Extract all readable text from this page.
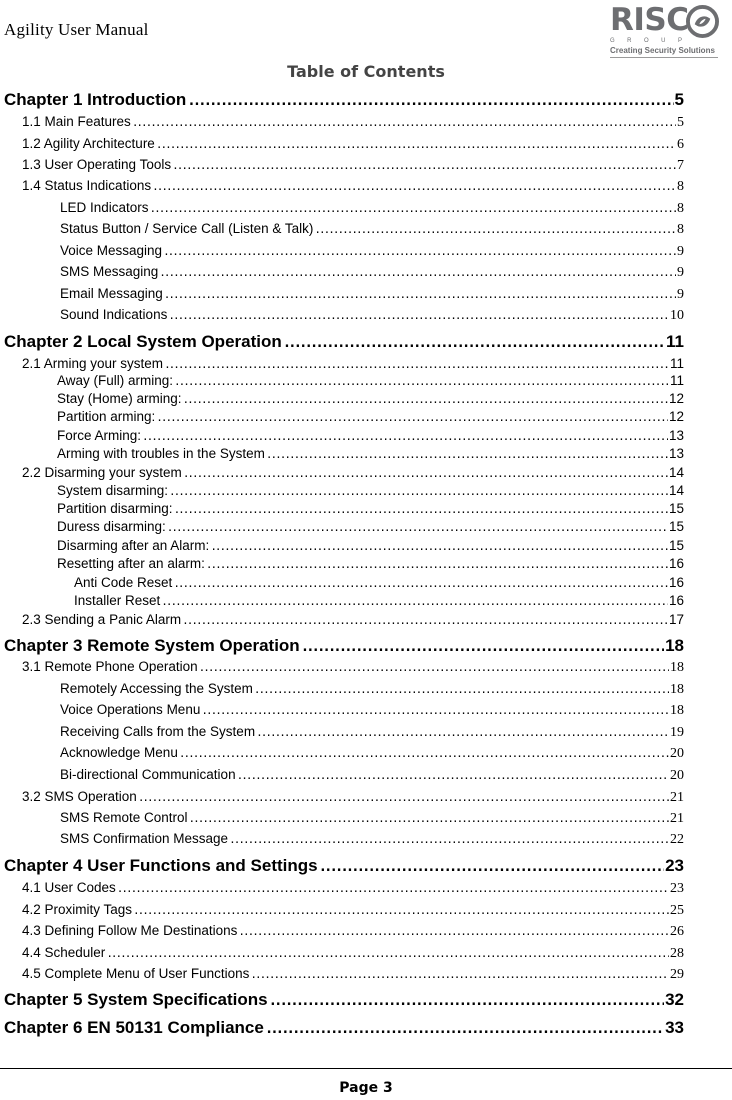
Agility User Manual	RISC
GROUP
Creating Security Solutions
Table of Contents
Chapter 1 Introduction .....	5
1.1 Main Features .....	5
1.2 Agility Architecture .....	6
1.3 User Operating Tools .....	7
1.4 Status Indications .....	8
LED Indicators .....	8
Status Button / Service Call (Listen & Talk) .....	8
Voice Messaging .....	9
SMS Messaging .....	9
Email Messaging .....	9
Sound Indications .....	10
Chapter 2 Local System Operation .....	11
2.1 Arming your system .....	11
Away (Full) arming: .....	11
Stay (Home) arming: .....	12
Partition arming: .....	12
Force Arming: .....	13
Arming with troubles in the System .....	13
2.2 Disarming your system .....	14
System disarming: .....	14
Partition disarming: .....	15
Duress disarming: .....	15
Disarming after an Alarm: .....	15
Resetting after an alarm: .....	16
Anti Code Reset .....	16
Installer Reset .....	16
2.3 Sending a Panic Alarm .....	17
Chapter 3 Remote System Operation .....	18
3.1 Remote Phone Operation .....	18
Remotely Accessing the System .....	18
Voice Operations Menu .....	18
Receiving Calls from the System .....	19
Acknowledge Menu .....	20
Bi-directional Communication .....	20
3.2 SMS Operation .....	21
SMS Remote Control .....	21
SMS Confirmation Message .....	22
Chapter 4 User Functions and Settings .....	23
4.1 User Codes .....	23
4.2 Proximity Tags .....	25
4.3 Defining Follow Me Destinations .....	26
4.4 Scheduler .....	28
4.5 Complete Menu of User Functions .....	29
Chapter 5 System Specifications .....	32
Chapter 6 EN 50131 Compliance .....	33
Page 3
